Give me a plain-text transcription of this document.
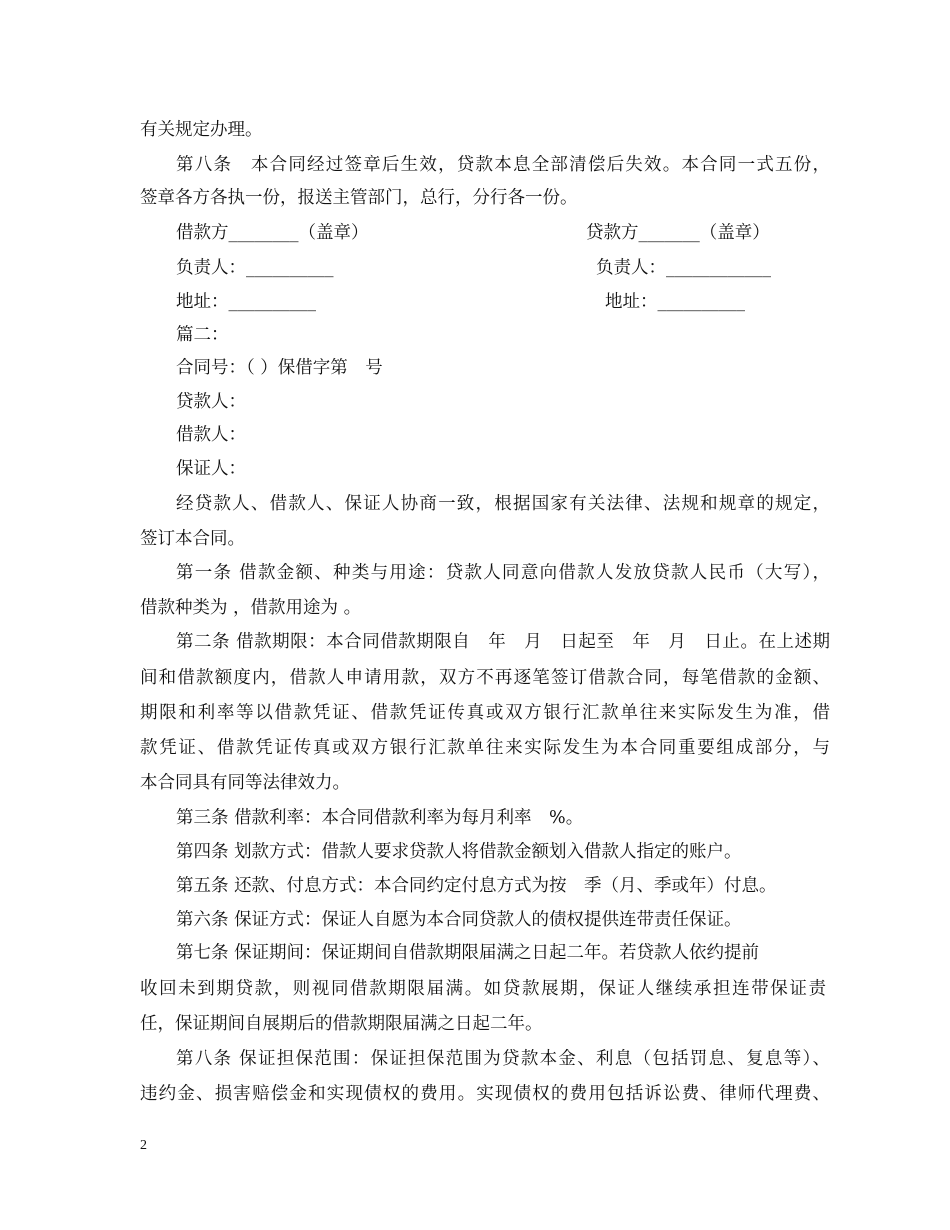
有关规定办理。
第八条　本合同经过签章后生效，贷款本息全部清偿后失效。本合同一式五份，
签章各方各执一份，报送主管部门，总行，分行各一份。
借款方________（盖章）	贷款方_______（盖章）
负责人：__________	负责人：____________
地址：__________	地址：__________
篇二：
合同号：（ ）保借字第　号
贷款人：
借款人：
保证人：
经贷款人、借款人、保证人协商一致，根据国家有关法律、法规和规章的规定，
签订本合同。
第一条 借款金额、种类与用途：贷款人同意向借款人发放贷款人民币（大写），
借款种类为 ，借款用途为 。
第二条 借款期限：本合同借款期限自　年　月　日起至　年　月　日止。在上述期
间和借款额度内，借款人申请用款，双方不再逐笔签订借款合同，每笔借款的金额、
期限和利率等以借款凭证、借款凭证传真或双方银行汇款单往来实际发生为准，借
款凭证、借款凭证传真或双方银行汇款单往来实际发生为本合同重要组成部分，与
本合同具有同等法律效力。
第三条 借款利率：本合同借款利率为每月利率　%。
第四条 划款方式：借款人要求贷款人将借款金额划入借款人指定的账户。
第五条 还款、付息方式：本合同约定付息方式为按　季（月、季或年）付息。
第六条 保证方式：保证人自愿为本合同贷款人的债权提供连带责任保证。
第七条 保证期间：保证期间自借款期限届满之日起二年。若贷款人依约提前
收回未到期贷款，则视同借款期限届满。如贷款展期，保证人继续承担连带保证责
任，保证期间自展期后的借款期限届满之日起二年。
第八条 保证担保范围：保证担保范围为贷款本金、利息（包括罚息、复息等）、
违约金、损害赔偿金和实现债权的费用。实现债权的费用包括诉讼费、律师代理费、
2
